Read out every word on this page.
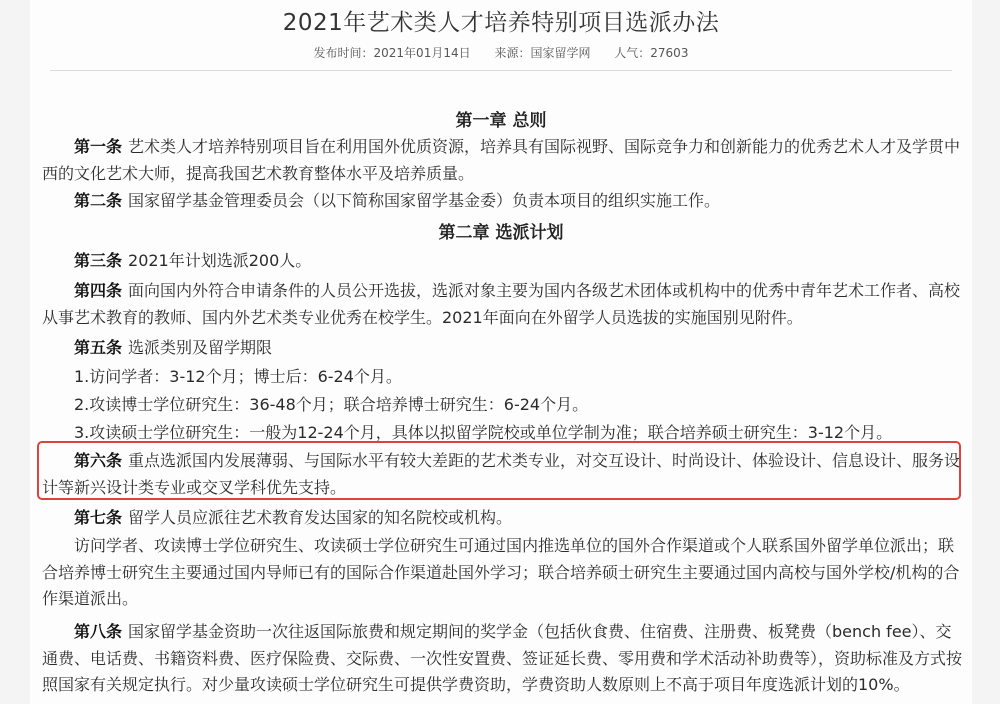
2021年艺术类人才培养特别项目选派办法
发布时间：2021年01月14日 来源：国家留学网 人气：27603
第一章 总则
第一条 艺术类人才培养特别项目旨在利用国外优质资源，培养具有国际视野、国际竞争力和创新能力的优秀艺术人才及学贯中西的文化艺术大师，提高我国艺术教育整体水平及培养质量。
第二条 国家留学基金管理委员会（以下简称国家留学基金委）负责本项目的组织实施工作。
第二章 选派计划
第三条 2021年计划选派200人。
第四条 面向国内外符合申请条件的人员公开选拔，选派对象主要为国内各级艺术团体或机构中的优秀中青年艺术工作者、高校从事艺术教育的教师、国内外艺术类专业优秀在校学生。2021年面向在外留学人员选拔的实施国别见附件。
第五条 选派类别及留学期限
1.访问学者：3-12个月；博士后：6-24个月。
2.攻读博士学位研究生：36-48个月；联合培养博士研究生：6-24个月。
3.攻读硕士学位研究生：一般为12-24个月，具体以拟留学院校或单位学制为准；联合培养硕士研究生：3-12个月。
第六条 重点选派国内发展薄弱、与国际水平有较大差距的艺术类专业，对交互设计、时尚设计、体验设计、信息设计、服务设计等新兴设计类专业或交叉学科优先支持。
第七条 留学人员应派往艺术教育发达国家的知名院校或机构。
访问学者、攻读博士学位研究生、攻读硕士学位研究生可通过国内推选单位的国外合作渠道或个人联系国外留学单位派出；联合培养博士研究生主要通过国内导师已有的国际合作渠道赴国外学习；联合培养硕士研究生主要通过国内高校与国外学校/机构的合作渠道派出。
第八条 国家留学基金资助一次往返国际旅费和规定期间的奖学金（包括伙食费、住宿费、注册费、板凳费（bench fee）、交通费、电话费、书籍资料费、医疗保险费、交际费、一次性安置费、签证延长费、零用费和学术活动补助费等），资助标准及方式按照国家有关规定执行。对少量攻读硕士学位研究生可提供学费资助，学费资助人数原则上不高于项目年度选派计划的10%。
